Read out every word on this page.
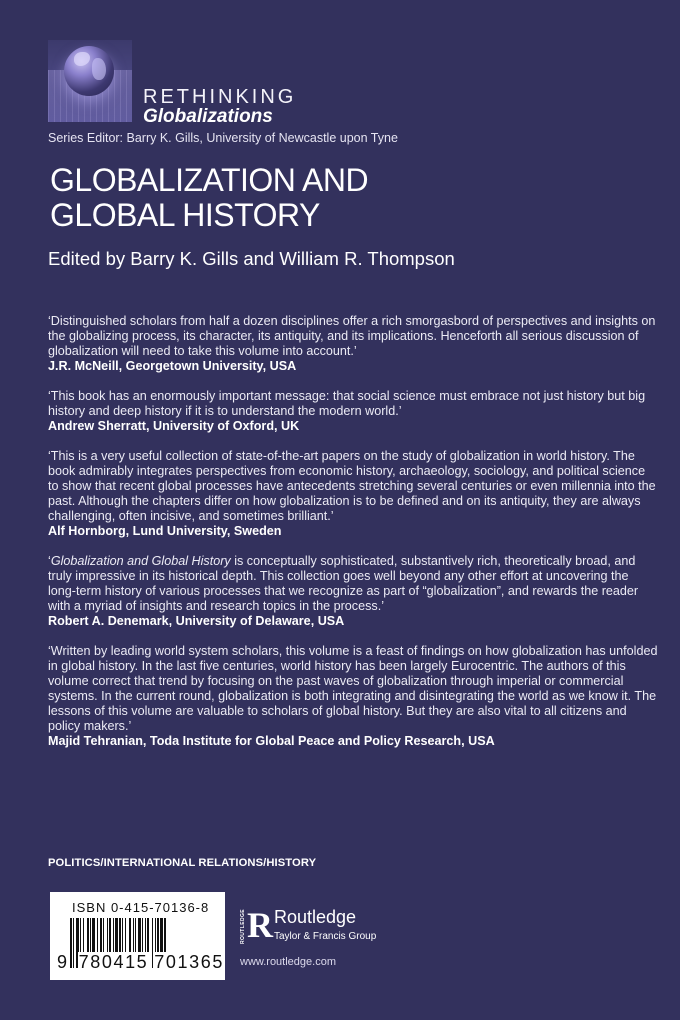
RETHINKING
Globalizations
Series Editor: Barry K. Gills, University of Newcastle upon Tyne
GLOBALIZATION AND
GLOBAL HISTORY
Edited by Barry K. Gills and William R. Thompson
‘Distinguished scholars from half a dozen disciplines offer a rich smorgasbord of perspectives and insights on the globalizing process, its character, its antiquity, and its implications. Henceforth all serious discussion of globalization will need to take this volume into account.’
J.R. McNeill, Georgetown University, USA
‘This book has an enormously important message: that social science must embrace not just history but big history and deep history if it is to understand the modern world.’
Andrew Sherratt, University of Oxford, UK
‘This is a very useful collection of state-of-the-art papers on the study of globalization in world history. The book admirably integrates perspectives from economic history, archaeology, sociology, and political science to show that recent global processes have antecedents stretching several centuries or even millennia into the past. Although the chapters differ on how globalization is to be defined and on its antiquity, they are always challenging, often incisive, and sometimes brilliant.’
Alf Hornborg, Lund University, Sweden
‘Globalization and Global History is conceptually sophisticated, substantively rich, theoretically broad, and truly impressive in its historical depth. This collection goes well beyond any other effort at uncovering the long-term history of various processes that we recognize as part of “globalization”, and rewards the reader with a myriad of insights and research topics in the process.’
Robert A. Denemark, University of Delaware, USA
‘Written by leading world system scholars, this volume is a feast of findings on how globalization has unfolded in global history. In the last five centuries, world history has been largely Eurocentric. The authors of this volume correct that trend by focusing on the past waves of globalization through imperial or commercial systems. In the current round, globalization is both integrating and disintegrating the world as we know it. The lessons of this volume are valuable to scholars of global history. But they are also vital to all citizens and policy makers.’
Majid Tehranian, Toda Institute for Global Peace and Policy Research, USA
POLITICS/INTERNATIONAL RELATIONS/HISTORY
ISBN 0-415-70136-8
9 780415 701365
ROUTLEDGE R Routledge
Taylor & Francis Group
www.routledge.com
